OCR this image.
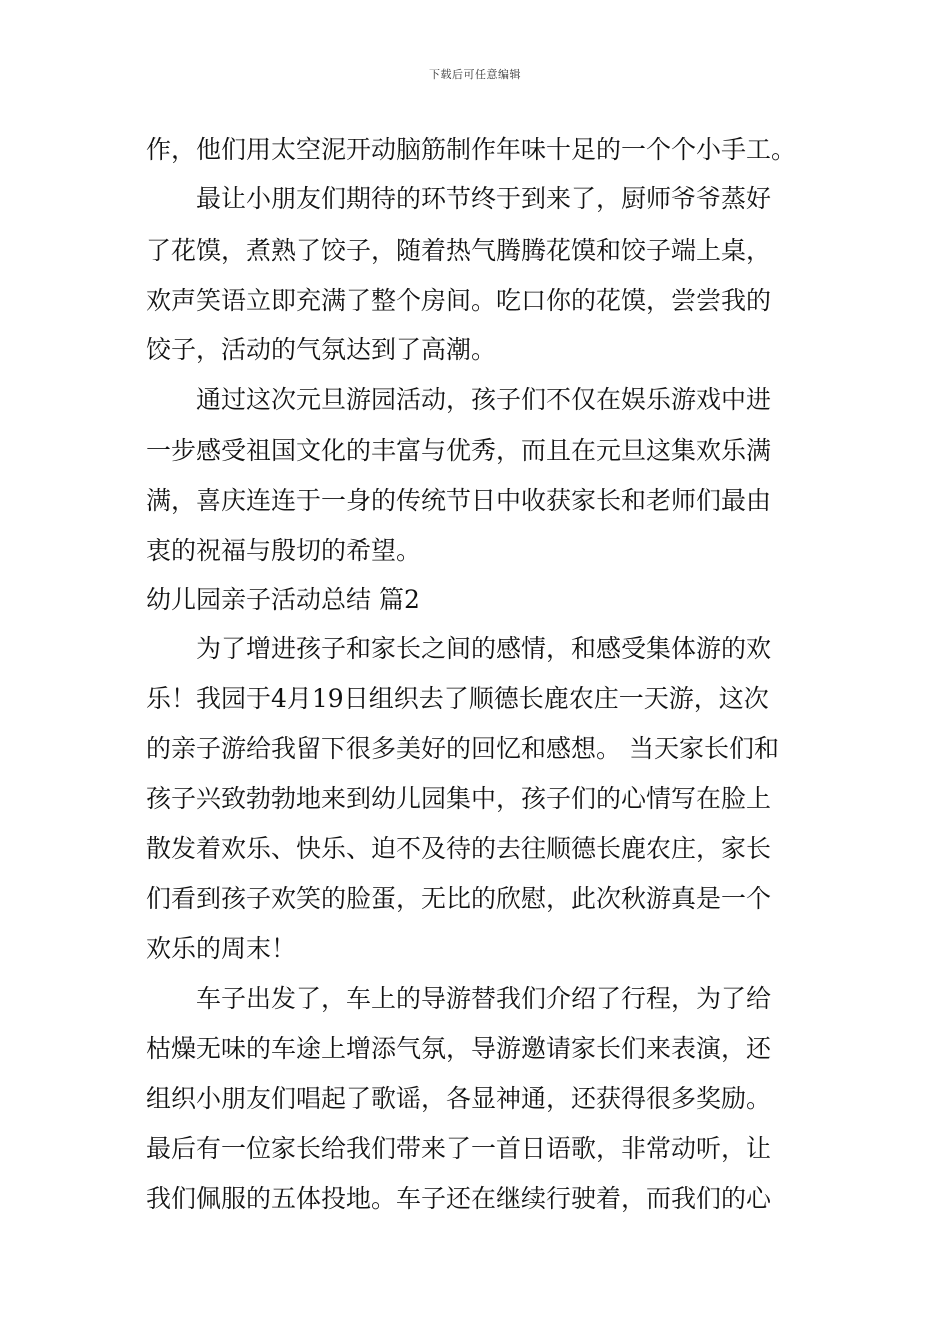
下载后可任意编辑
作，他们用太空泥开动脑筋制作年味十足的一个个小手工。
　　最让小朋友们期待的环节终于到来了，厨师爷爷蒸好
了花馍，煮熟了饺子，随着热气腾腾花馍和饺子端上桌，
欢声笑语立即充满了整个房间。吃口你的花馍，尝尝我的
饺子，活动的气氛达到了高潮。
　　通过这次元旦游园活动，孩子们不仅在娱乐游戏中进
一步感受祖国文化的丰富与优秀，而且在元旦这集欢乐满
满，喜庆连连于一身的传统节日中收获家长和老师们最由
衷的祝福与殷切的希望。
幼儿园亲子活动总结 篇2
　　为了增进孩子和家长之间的感情，和感受集体游的欢
乐！我园于4月19日组织去了顺德长鹿农庄一天游，这次
的亲子游给我留下很多美好的回忆和感想。 当天家长们和
孩子兴致勃勃地来到幼儿园集中，孩子们的心情写在脸上
散发着欢乐、快乐、迫不及待的去往顺德长鹿农庄，家长
们看到孩子欢笑的脸蛋，无比的欣慰，此次秋游真是一个
欢乐的周末！
　　车子出发了，车上的导游替我们介绍了行程，为了给
枯燥无味的车途上增添气氛，导游邀请家长们来表演，还
组织小朋友们唱起了歌谣，各显神通，还获得很多奖励。
最后有一位家长给我们带来了一首日语歌，非常动听，让
我们佩服的五体投地。车子还在继续行驶着，而我们的心
